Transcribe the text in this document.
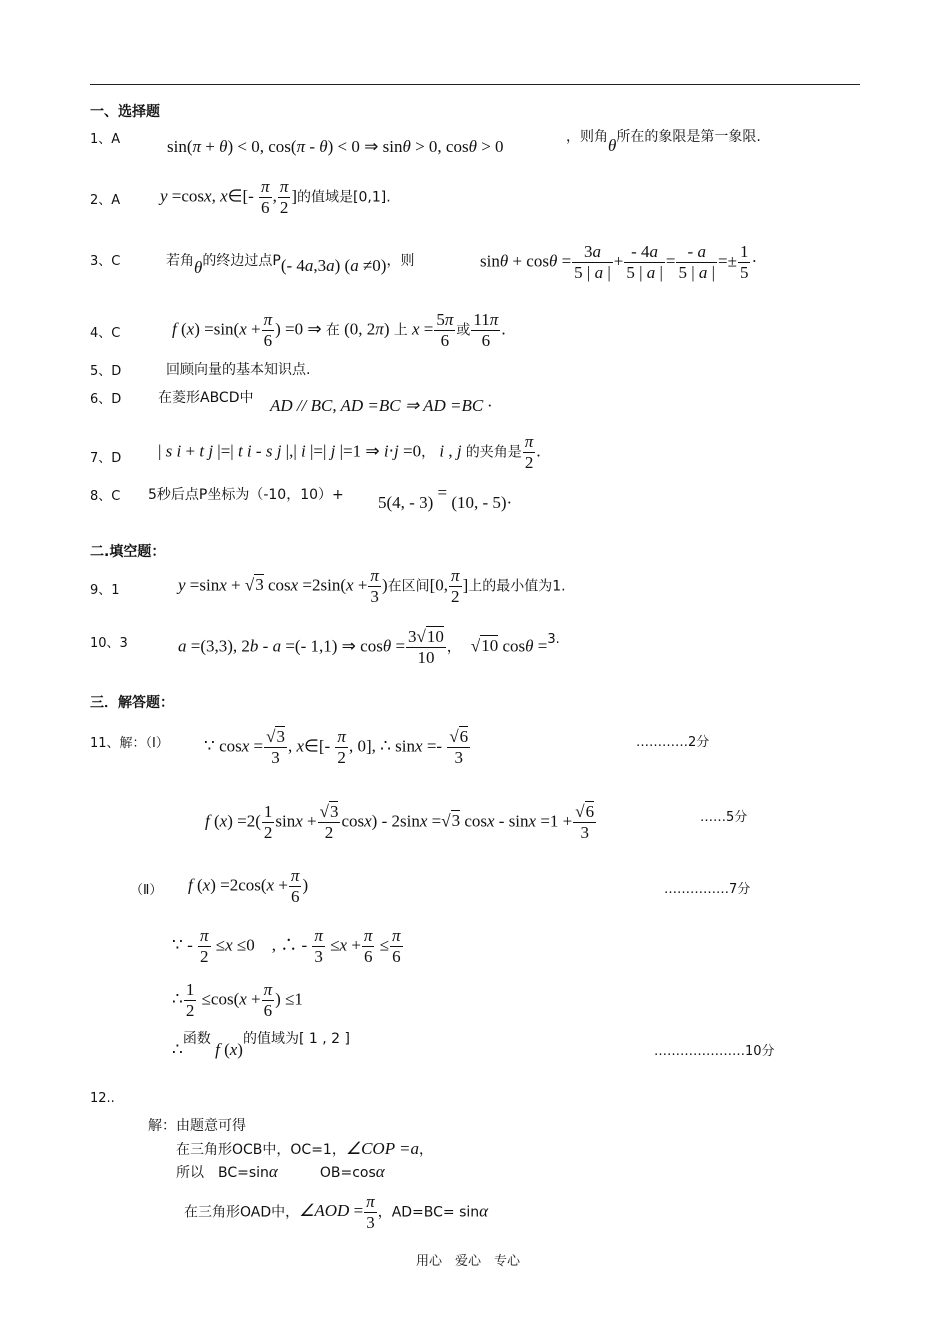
一、选择题
1、A	sin(π + θ) < 0, cos(π - θ) < 0 ⇒ sinθ > 0, cosθ > 0	，则角θ所在的象限是第一象限.
2、A y =cosx, x∈[- $\frac{\pi}{6}$ , $\frac{\pi}{2}$ ]的值域是[0,1].
3、C	若角θ的终边过点P(- 4a,3a) (a ≠0)，则	$\sin\theta + \cos\theta = \frac{3a}{5 | a |} + \frac{- 4a}{5 | a |} = \frac{- a}{5 | a |} =\pm \frac{1}{5}$ ·
4、C	f $(x) =\sin(x + \frac{\pi}{6}$ ) =0 ⇒ 在 (0, 2π) 上 $x = \frac{5\pi}{6}$ 或 $\frac{11\pi}{6}$ .
5、D	回顾向量的基本知识点.
6、D	在菱形ABCD中 AD // BC, AD =BC ⇒ AD =BC ·
7、D | s i + t j |=| t i - s j |,| i |=| j |=1 ⇒ i⋅j =0， i , j 的夹角是 $\frac{\pi}{2}$ .
8、C 5秒后点P坐标为（-10，10）+ 5(4, - 3) = (10, - 5)·
二.填空题：
9、1	y =sinx + √3 $\cos x =2\sin(x + \frac{\pi}{3}$ )在区间[0, $\frac{\pi}{2}$ ]上的最小值为1.
10、3	a =(3,3), 2b - a =(- 1,1) ⇒ $\cos\theta = \frac{3√10}{10}$ ，　√10 cosθ =$^{3.}$
三．解答题：
11、解：（Ⅰ） ∵ $\cos x = \frac{√3}{3}$ , x∈[- $\frac{\pi}{2}$ , 0], ∴ $\sin x =- \frac{√6}{3}$	…………2分
f $(x) =2( \frac{1}{2}$ $\sin x + \frac{√3}{2} \cos x) - 2\sin x =√3$ $\cos x - \sin x =1 + \frac{√6}{3}$	……5分
（Ⅱ） f $(x) =2\cos(x + \frac{\pi}{6}$ )	……………7分
∵ - $\frac{\pi}{2} \le x \le 0$　, ∴ - $\frac{\pi}{3} \le x + \frac{\pi}{6} \le \frac{\pi}{6}$
∴ $\frac{1}{2} \le\cos(x + \frac{\pi}{6}$ ) ≤1
∴$^{函数}$ f $(x)^{的值域为[ 1 , 2 ]}$
…………………10分
12..
解：由题意可得
在三角形OCB中，OC=1，∠COP =a，
所以　BC=sinα　　　	OB=cosα
在三角形OAD中，∠AOD = $\frac{\pi}{3}$ ，AD=BC= sinα
用心　爱心　专心
